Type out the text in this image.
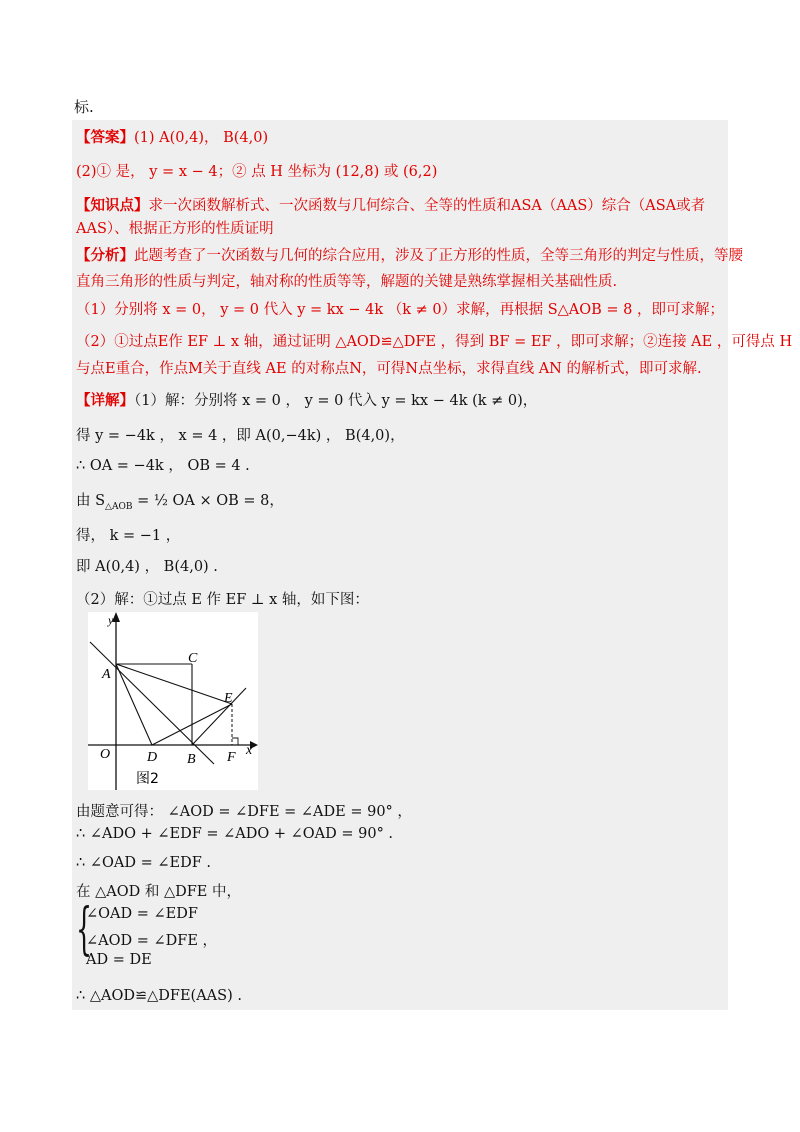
标.
【答案】(1) A(0,4)， B(4,0)
(2)① 是， y = x − 4；② 点 H 坐标为 (12,8) 或 (6,2)
【知识点】求一次函数解析式、一次函数与几何综合、全等的性质和ASA（AAS）综合（ASA或者
AAS）、根据正方形的性质证明
【分析】此题考查了一次函数与几何的综合应用，涉及了正方形的性质，全等三角形的判定与性质，等腰
直角三角形的性质与判定，轴对称的性质等等，解题的关键是熟练掌握相关基础性质.
（1）分别将 x = 0， y = 0 代入 y = kx − 4k （k ≠ 0）求解，再根据 S△AOB = 8 ，即可求解；
（2）①过点E作 EF ⊥ x 轴，通过证明 △AOD≌△DFE ，得到 BF = EF ，即可求解；②连接 AE ，可得点 H
与点E重合，作点M关于直线 AE 的对称点N，可得N点坐标，求得直线 AN 的解析式，即可求解.
【详解】（1）解：分别将 x = 0 ， y = 0 代入 y = kx − 4k (k ≠ 0)，
得 y = −4k ， x = 4 ，即 A(0,−4k) ， B(4,0)，
∴ OA = −4k ， OB = 4 .
由 $S_{\triangle AOB}$ = ½ OA × OB = 8，
得， k = −1 ，
即 A(0,4) ， B(4,0) .
（2）解：①过点 E 作 EF ⊥ x 轴，如下图：
y
x
O
A
C
D B
E
F
图2
由题意可得： ∠AOD = ∠DFE = ∠ADE = 90° ，
∴ ∠ADO + ∠EDF = ∠ADO + ∠OAD = 90° .
∴ ∠OAD = ∠EDF .
在 △AOD 和 △DFE 中，
{
∠OAD = ∠EDF
∠AOD = ∠DFE ，
AD = DE
∴ △AOD≌△DFE(AAS) .
